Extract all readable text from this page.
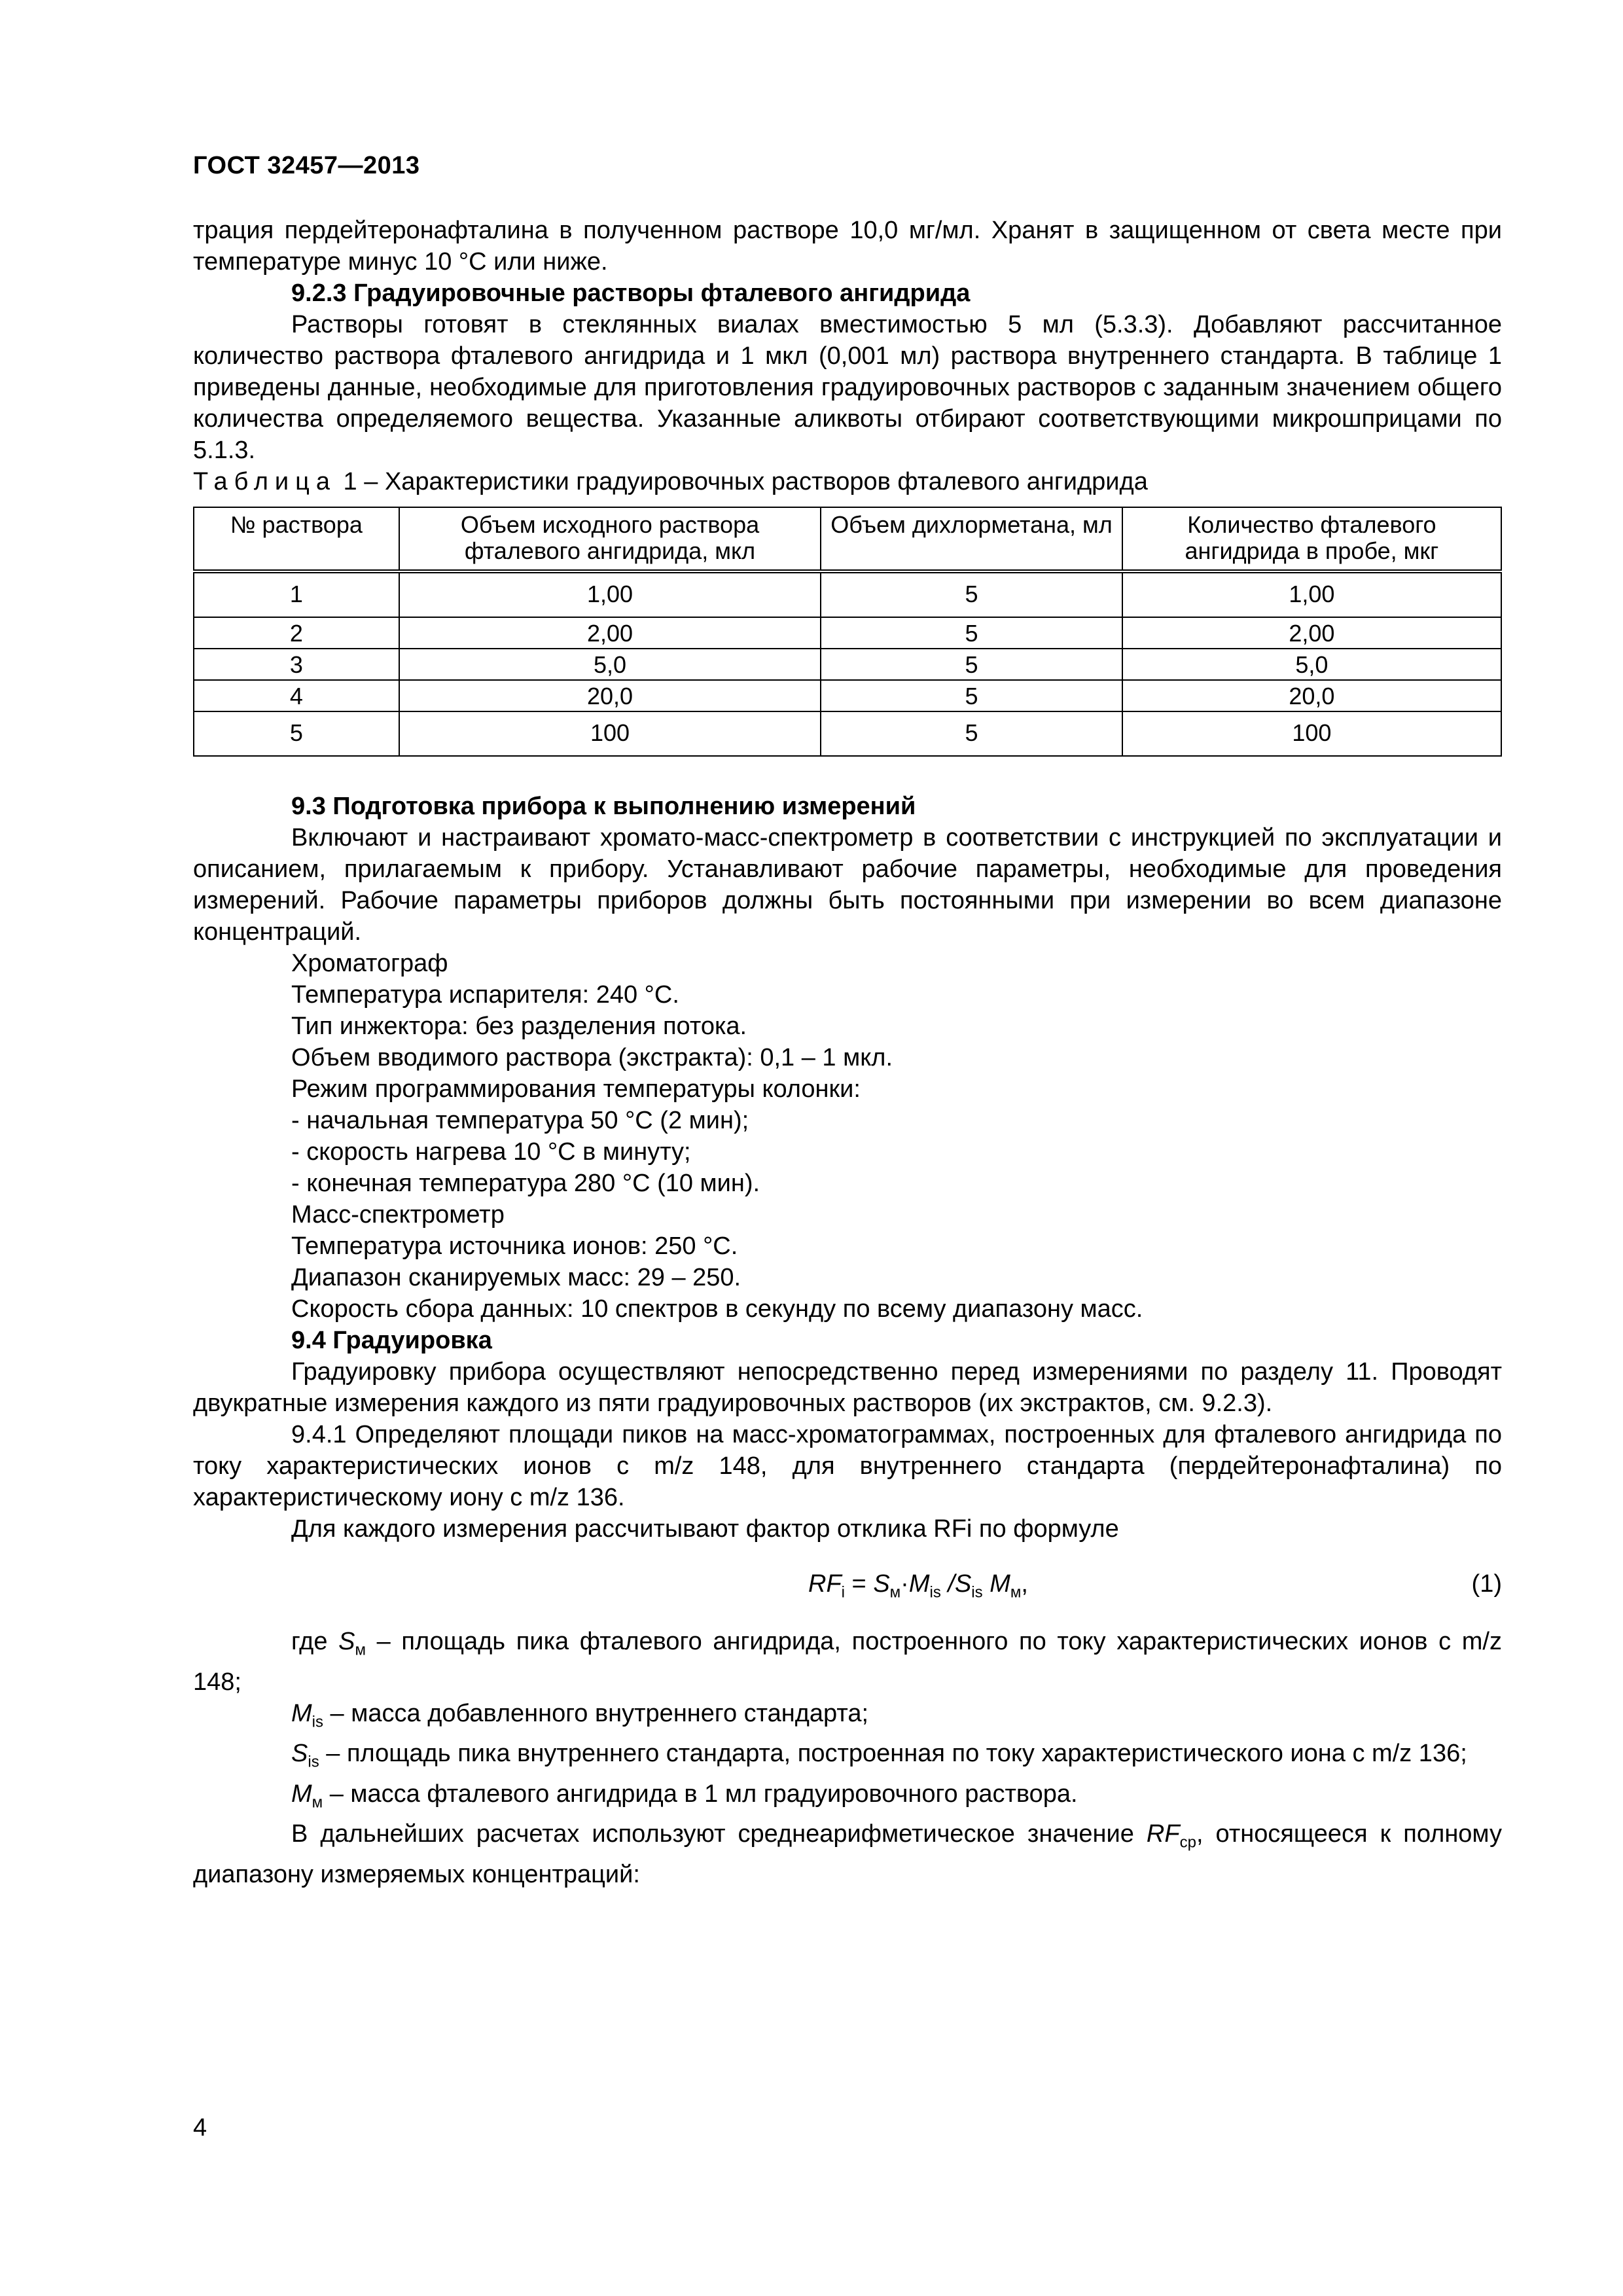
ГОСТ 32457—2013

трация пердейтеронафталина в полученном растворе 10,0 мг/мл. Хранят в защищенном от света месте при температуре минус 10 °С или ниже.

9.2.3 Градуировочные растворы фталевого ангидрида

Растворы готовят в стеклянных виалах вместимостью 5 мл (5.3.3). Добавляют рассчитанное количество раствора фталевого ангидрида и 1 мкл (0,001 мл) раствора внутреннего стандарта. В таблице 1 приведены данные, необходимые для приготовления градуировочных растворов с заданным значением общего количества определяемого вещества. Указанные аликвоты отбирают соответствующими микрошприцами по 5.1.3.

Таблица 1 – Характеристики градуировочных растворов фталевого ангидрида

№ раствора	Объем исходного раствора фталевого ангидрида, мкл	Объем дихлорметана, мл	Количество фталевого ангидрида в пробе, мкг
1	1,00	5	1,00
2	2,00	5	2,00
3	5,0	5	5,0
4	20,0	5	20,0
5	100	5	100

9.3 Подготовка прибора к выполнению измерений

Включают и настраивают хромато-масс-спектрометр в соответствии с инструкцией по эксплуатации и описанием, прилагаемым к прибору. Устанавливают рабочие параметры, необходимые для проведения измерений. Рабочие параметры приборов должны быть постоянными при измерении во всем диапазоне концентраций.

Хроматограф

Температура испарителя: 240 °С.

Тип инжектора: без разделения потока.

Объем вводимого раствора (экстракта): 0,1 – 1 мкл.

Режим программирования температуры колонки:

- начальная температура 50 °С (2 мин);

- скорость нагрева 10 °С в минуту;

- конечная температура 280 °С (10 мин).

Масс-спектрометр

Температура источника ионов: 250 °С.

Диапазон сканируемых масс: 29 – 250.

Скорость сбора данных: 10 спектров в секунду по всему диапазону масс.

9.4 Градуировка

Градуировку прибора осуществляют непосредственно перед измерениями по разделу 11. Проводят двукратные измерения каждого из пяти градуировочных растворов (их экстрактов, см. 9.2.3).

9.4.1 Определяют площади пиков на масс-хроматограммах, построенных для фталевого ангидрида по току характеристических ионов с m/z 148, для внутреннего стандарта (пердейтеронафталина) по характеристическому иону с m/z 136.

Для каждого измерения рассчитывают фактор отклика RFi по формуле

$RF_i = S_м\cdot M_{is}$ $/S_{is}$ $M_м$,	(1)

где $S_м$ – площадь пика фталевого ангидрида, построенного по току характеристических ионов с m/z 148;

$M_{is}$ – масса добавленного внутреннего стандарта;

$S_{is}$ – площадь пика внутреннего стандарта, построенная по току характеристического иона с m/z 136;

$M_м$ – масса фталевого ангидрида в 1 мл градуировочного раствора.

В дальнейших расчетах используют среднеарифметическое значение $RF_{ср}$, относящееся к полному диапазону измеряемых концентраций:

4
